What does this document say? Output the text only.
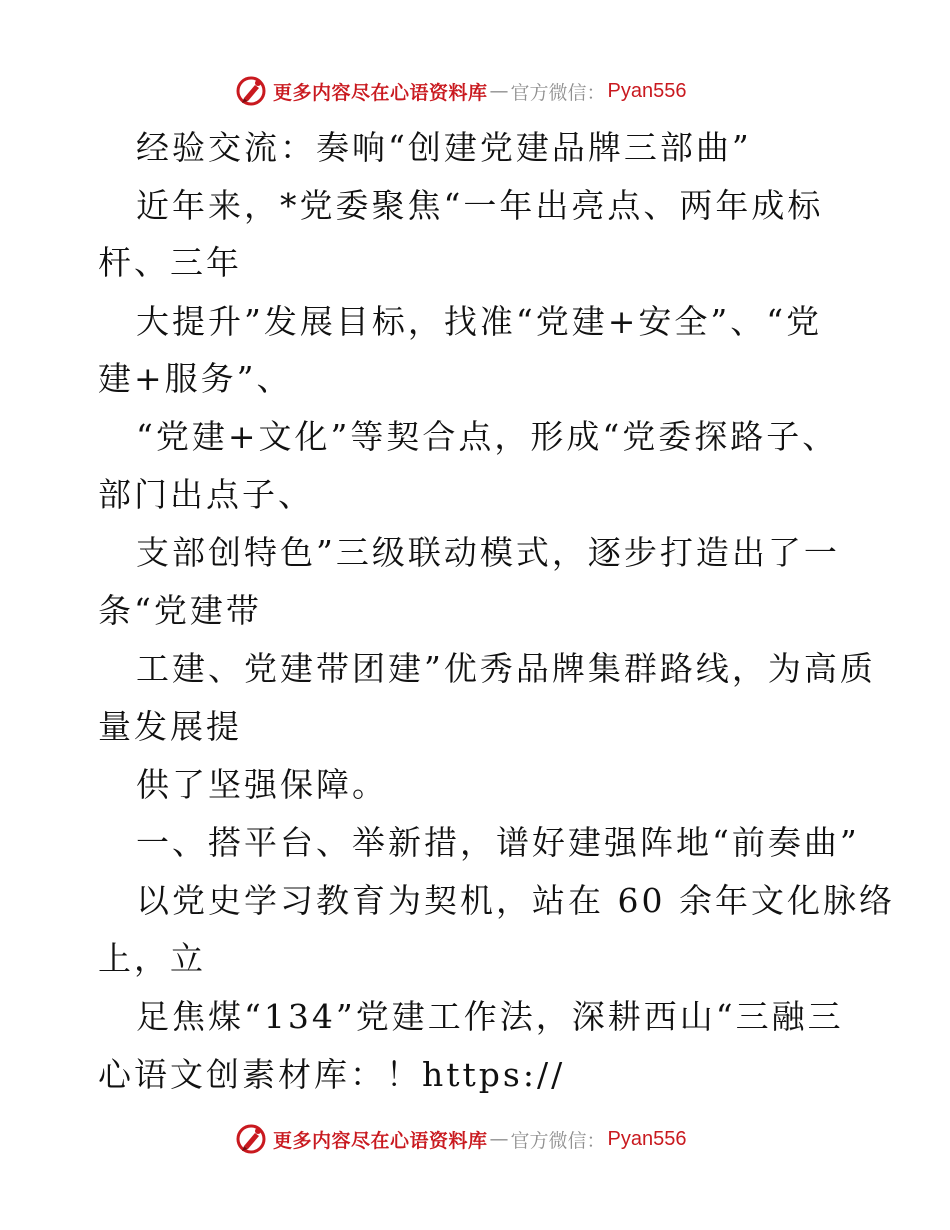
更多内容尽在心语资料库 — 官方微信： Pyan556
经验交流：奏响“创建党建品牌三部曲”
近年来，*党委聚焦“一年出亮点、两年成标
杆、三年
大提升”发展目标，找准“党建+安全”、“党
建+服务”、
“党建+文化”等契合点，形成“党委探路子、
部门出点子、
支部创特色”三级联动模式，逐步打造出了一
条“党建带
工建、党建带团建”优秀品牌集群路线，为高质
量发展提
供了坚强保障。
一、搭平台、举新措，谱好建强阵地“前奏曲”
以党史学习教育为契机，站在 60 余年文化脉络
上，立
足焦煤“134”党建工作法，深耕西山“三融三
心语文创素材库：！https://
更多内容尽在心语资料库 — 官方微信： Pyan556
